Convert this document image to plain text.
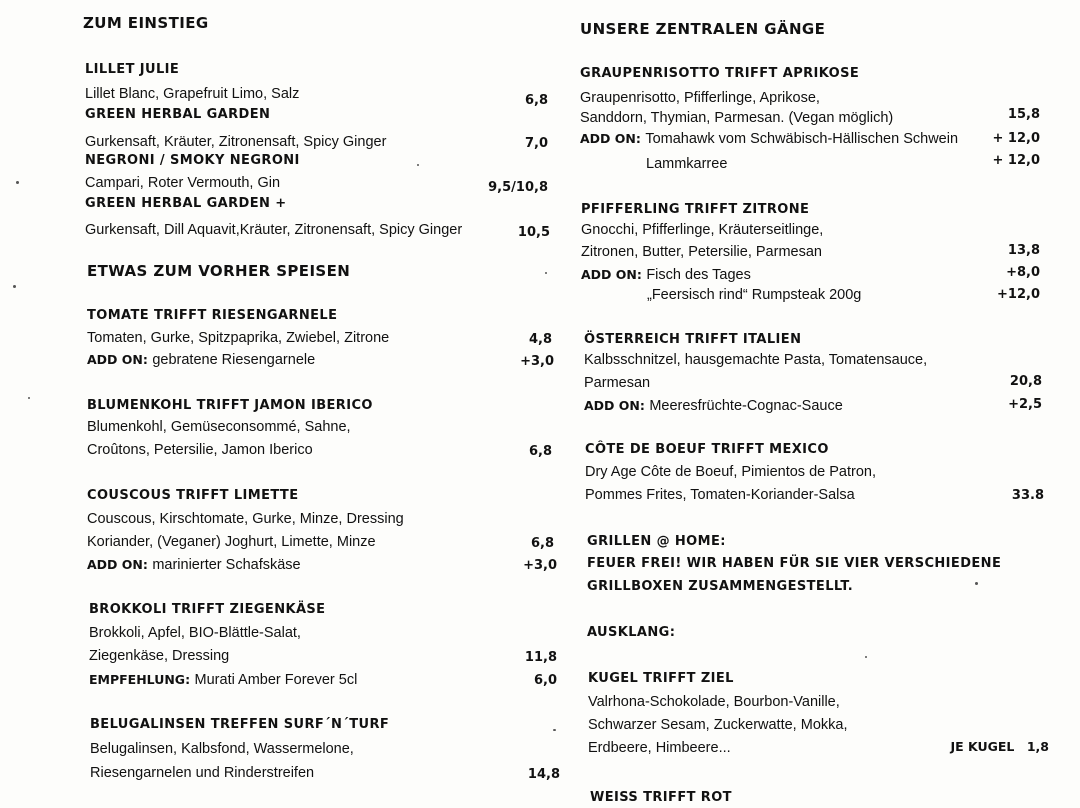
ZUM EINSTIEG
LILLET JULIE
Lillet Blanc, Grapefruit Limo, Salz	6,8
GREEN HERBAL GARDEN
Gurkensaft, Kräuter, Zitronensaft, Spicy Ginger	7,0
NEGRONI / SMOKY NEGRONI
Campari, Roter Vermouth, Gin	9,5/10,8
GREEN HERBAL GARDEN +
Gurkensaft, Dill Aquavit,Kräuter, Zitronensaft, Spicy Ginger	10,5
ETWAS ZUM VORHER SPEISEN
TOMATE TRIFFT RIESENGARNELE
Tomaten, Gurke, Spitzpaprika, Zwiebel, Zitrone	4,8
ADD ON: gebratene Riesengarnele	+3,0
BLUMENKOHL TRIFFT JAMON IBERICO
Blumenkohl, Gemüseconsommé, Sahne,
Croûtons, Petersilie, Jamon Iberico	6,8
COUSCOUS TRIFFT LIMETTE
Couscous, Kirschtomate, Gurke, Minze, Dressing
Koriander, (Veganer) Joghurt, Limette, Minze	6,8
ADD ON: marinierter Schafskäse	+3,0
BROKKOLI TRIFFT ZIEGENKÄSE
Brokkoli, Apfel, BIO-Blättle-Salat,
Ziegenkäse, Dressing	11,8
EMPFEHLUNG: Murati Amber Forever 5cl	6,0
BELUGALINSEN TREFFEN SURF´N´TURF
Belugalinsen, Kalbsfond, Wassermelone,
Riesengarnelen und Rinderstreifen	14,8
UNSERE ZENTRALEN GÄNGE
GRAUPENRISOTTO TRIFFT APRIKOSE
Graupenrisotto, Pfifferlinge, Aprikose,
Sanddorn, Thymian, Parmesan. (Vegan möglich)	15,8
ADD ON: Tomahawk vom Schwäbisch-Hällischen Schwein	+ 12,0
Lammkarree	+ 12,0
PFIFFERLING TRIFFT ZITRONE
Gnocchi, Pfifferlinge, Kräuterseitlinge,
Zitronen, Butter, Petersilie, Parmesan	13,8
ADD ON: Fisch des Tages	+8,0
„Feersisch rind“ Rumpsteak 200g	+12,0
ÖSTERREICH TRIFFT ITALIEN
Kalbsschnitzel, hausgemachte Pasta, Tomatensauce,
Parmesan	20,8
ADD ON: Meeresfrüchte-Cognac-Sauce	+2,5
CÔTE DE BOEUF TRIFFT MEXICO
Dry Age Côte de Boeuf, Pimientos de Patron,
Pommes Frites, Tomaten-Koriander-Salsa	33.8
GRILLEN @ HOME:
FEUER FREI! WIR HABEN FÜR SIE VIER VERSCHIEDENE
GRILLBOXEN ZUSAMMENGESTELLT.
AUSKLANG:
KUGEL TRIFFT ZIEL
Valrhona-Schokolade, Bourbon-Vanille,
Schwarzer Sesam, Zuckerwatte, Mokka,
Erdbeere, Himbeere...	JE KUGEL 1,8
WEISS TRIFFT ROT
